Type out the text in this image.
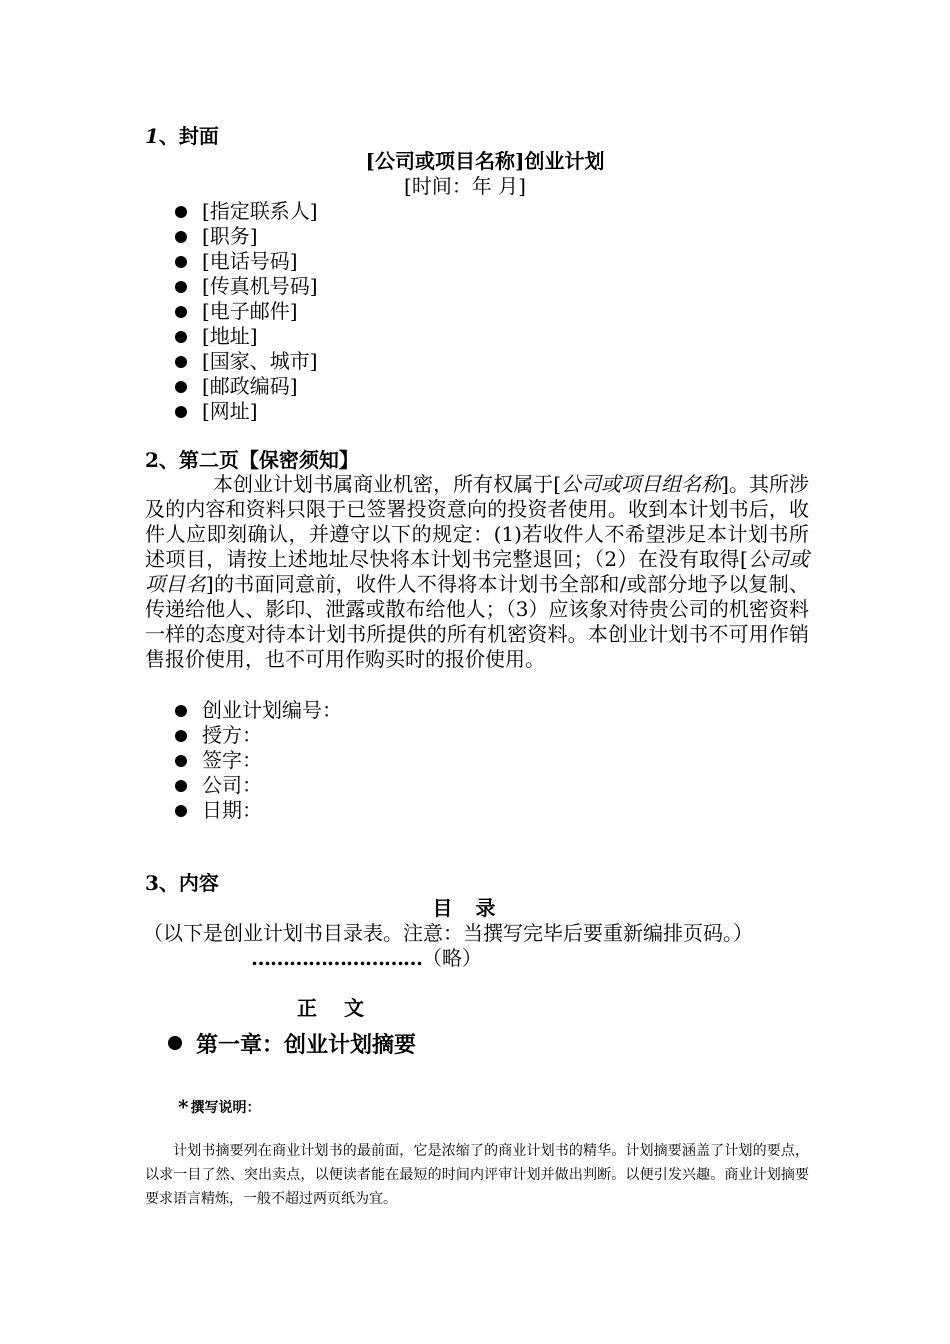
1、封面
[公司或项目名称]创业计划
[时间：年 月]
[指定联系人]
[职务]
[电话号码]
[传真机号码]
[电子邮件]
[地址]
[国家、城市]
[邮政编码]
[网址]
2、第二页【保密须知】
本创业计划书属商业机密，所有权属于[公司或项目组名称]。其所涉及的内容和资料只限于已签署投资意向的投资者使用。收到本计划书后，收件人应即刻确认，并遵守以下的规定：(1)若收件人不希望涉足本计划书所述项目，请按上述地址尽快将本计划书完整退回；（2）在没有取得[公司或项目名]的书面同意前，收件人不得将本计划书全部和/或部分地予以复制、传递给他人、影印、泄露或散布给他人；（3）应该象对待贵公司的机密资料一样的态度对待本计划书所提供的所有机密资料。本创业计划书不可用作销售报价使用，也不可用作购买时的报价使用。
创业计划编号：
授方：
签字：
公司：
日期：
3、内容
目 录
（以下是创业计划书目录表。注意：当撰写完毕后要重新编排页码。）
………………………（略）
正 文
第一章：创业计划摘要
* 撰写说明：
计划书摘要列在商业计划书的最前面，它是浓缩了的商业计划书的精华。计划摘要涵盖了计划的要点，以求一目了然、突出卖点，以便读者能在最短的时间内评审计划并做出判断。以便引发兴趣。商业计划摘要要求语言精炼，一般不超过两页纸为宜。
